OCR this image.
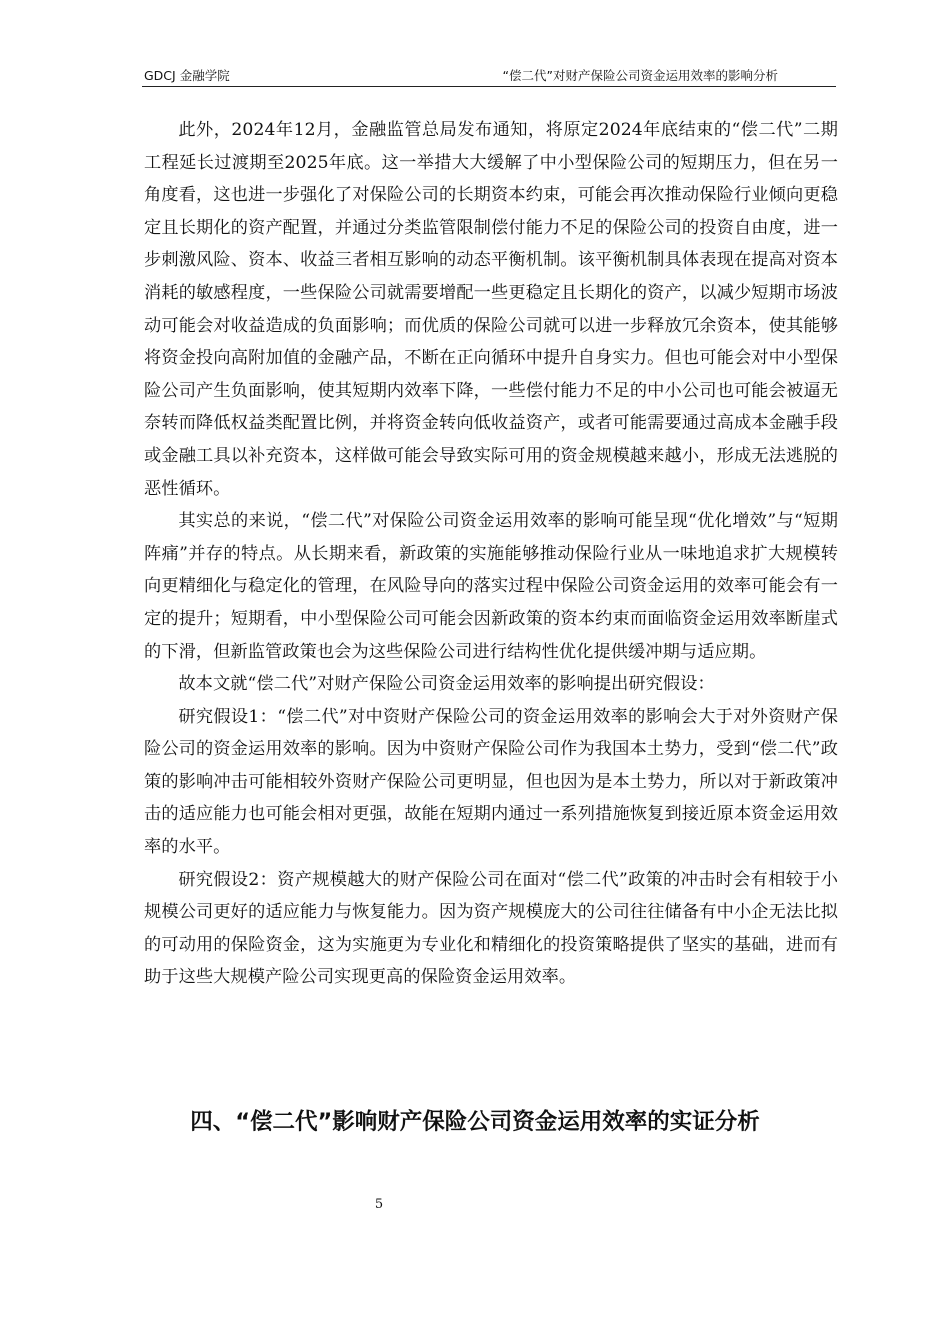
GDCJ 金融学院	“偿二代”对财产保险公司资金运用效率的影响分析

此外，2024年12月，金融监管总局发布通知，将原定2024年底结束的“偿二代”二期工程延长过渡期至2025年底。这一举措大大缓解了中小型保险公司的短期压力，但在另一角度看，这也进一步强化了对保险公司的长期资本约束，可能会再次推动保险行业倾向更稳定且长期化的资产配置，并通过分类监管限制偿付能力不足的保险公司的投资自由度，进一步刺激风险、资本、收益三者相互影响的动态平衡机制。该平衡机制具体表现在提高对资本消耗的敏感程度，一些保险公司就需要增配一些更稳定且长期化的资产，以减少短期市场波动可能会对收益造成的负面影响；而优质的保险公司就可以进一步释放冗余资本，使其能够将资金投向高附加值的金融产品，不断在正向循环中提升自身实力。但也可能会对中小型保险公司产生负面影响，使其短期内效率下降，一些偿付能力不足的中小公司也可能会被逼无奈转而降低权益类配置比例，并将资金转向低收益资产，或者可能需要通过高成本金融手段或金融工具以补充资本，这样做可能会导致实际可用的资金规模越来越小，形成无法逃脱的恶性循环。

其实总的来说，“偿二代”对保险公司资金运用效率的影响可能呈现“优化增效”与“短期阵痛”并存的特点。从长期来看，新政策的实施能够推动保险行业从一味地追求扩大规模转向更精细化与稳定化的管理，在风险导向的落实过程中保险公司资金运用的效率可能会有一定的提升；短期看，中小型保险公司可能会因新政策的资本约束而面临资金运用效率断崖式的下滑，但新监管政策也会为这些保险公司进行结构性优化提供缓冲期与适应期。

故本文就“偿二代”对财产保险公司资金运用效率的影响提出研究假设：

研究假设1：“偿二代”对中资财产保险公司的资金运用效率的影响会大于对外资财产保险公司的资金运用效率的影响。因为中资财产保险公司作为我国本土势力，受到“偿二代”政策的影响冲击可能相较外资财产保险公司更明显，但也因为是本土势力，所以对于新政策冲击的适应能力也可能会相对更强，故能在短期内通过一系列措施恢复到接近原本资金运用效率的水平。

研究假设2：资产规模越大的财产保险公司在面对“偿二代”政策的冲击时会有相较于小规模公司更好的适应能力与恢复能力。因为资产规模庞大的公司往往储备有中小企无法比拟的可动用的保险资金，这为实施更为专业化和精细化的投资策略提供了坚实的基础，进而有助于这些大规模产险公司实现更高的保险资金运用效率。

四、“偿二代”影响财产保险公司资金运用效率的实证分析
5
